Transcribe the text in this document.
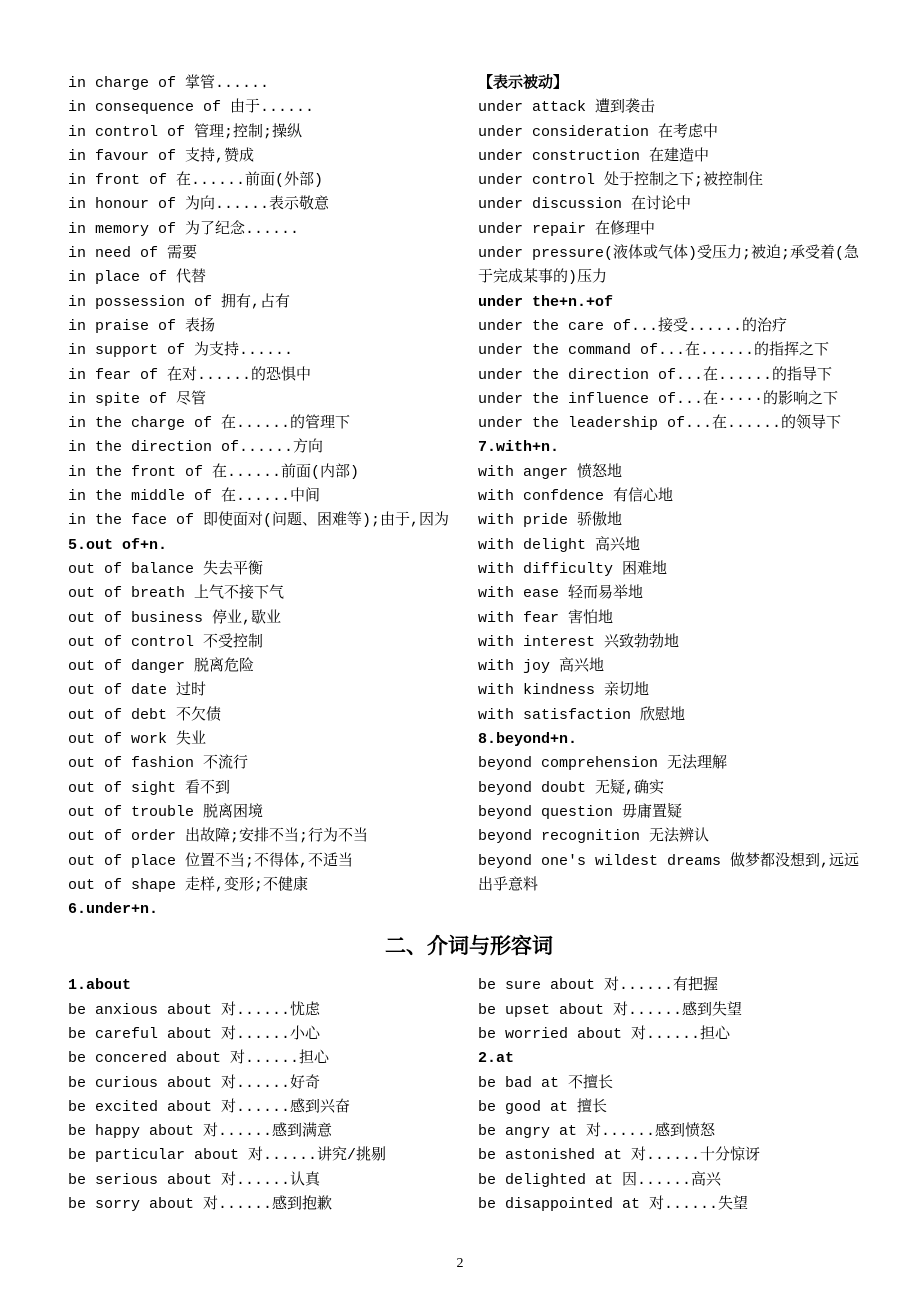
in charge of 掌管......
in consequence of 由于......
in control of 管理;控制;操纵
in favour of 支持,赞成
in front of 在......前面(外部)
in honour of 为向......表示敬意
in memory of 为了纪念......
in need of 需要
in place of 代替
in possession of 拥有,占有
in praise of 表扬
in support of 为支持......
in fear of 在对......的恐惧中
in spite of 尽管
in the charge of 在......的管理下
in the direction of......方向
in the front of 在......前面(内部)
in the middle of 在......中间
in the face of 即使面对(问题、困难等);由于,因为
5.out of+n.
out of balance 失去平衡
out of breath 上气不接下气
out of business 停业,歇业
out of control 不受控制
out of danger 脱离危险
out of date 过时
out of debt 不欠债
out of work 失业
out of fashion 不流行
out of sight 看不到
out of trouble 脱离困境
out of order 出故障;安排不当;行为不当
out of place 位置不当;不得体,不适当
out of shape 走样,变形;不健康
6.under+n.
【表示被动】
under attack 遭到袭击
under consideration 在考虑中
under construction 在建造中
under control 处于控制之下;被控制住
under discussion 在讨论中
under repair 在修理中
under pressure(液体或气体)受压力;被迫;承受着(急于完成某事的)压力
under the+n.+of
under the care of...接受......的治疗
under the command of...在......的指挥之下
under the direction of...在......的指导下
under the influence of...在·····的影响之下
under the leadership of...在......的领导下
7.with+n.
with anger 愤怒地
with confdence 有信心地
with pride 骄傲地
with delight 高兴地
with difficulty 困难地
with ease 轻而易举地
with fear 害怕地
with interest 兴致勃勃地
with joy 高兴地
with kindness 亲切地
with satisfaction 欣慰地
8.beyond+n.
beyond comprehension 无法理解
beyond doubt 无疑,确实
beyond question 毋庸置疑
beyond recognition 无法辨认
beyond one's wildest dreams 做梦都没想到,远远出乎意料
二、介词与形容词
1.about
be anxious about 对......忧虑
be careful about 对......小心
be concered about 对......担心
be curious about 对......好奇
be excited about 对......感到兴奋
be happy about 对......感到满意
be particular about 对......讲究/挑剔
be serious about 对......认真
be sorry about 对......感到抱歉
be sure about 对......有把握
be upset about 对......感到失望
be worried about 对......担心
2.at
be bad at 不擅长
be good at 擅长
be angry at 对......感到愤怒
be astonished at 对......十分惊讶
be delighted at 因......高兴
be disappointed at 对......失望
2
